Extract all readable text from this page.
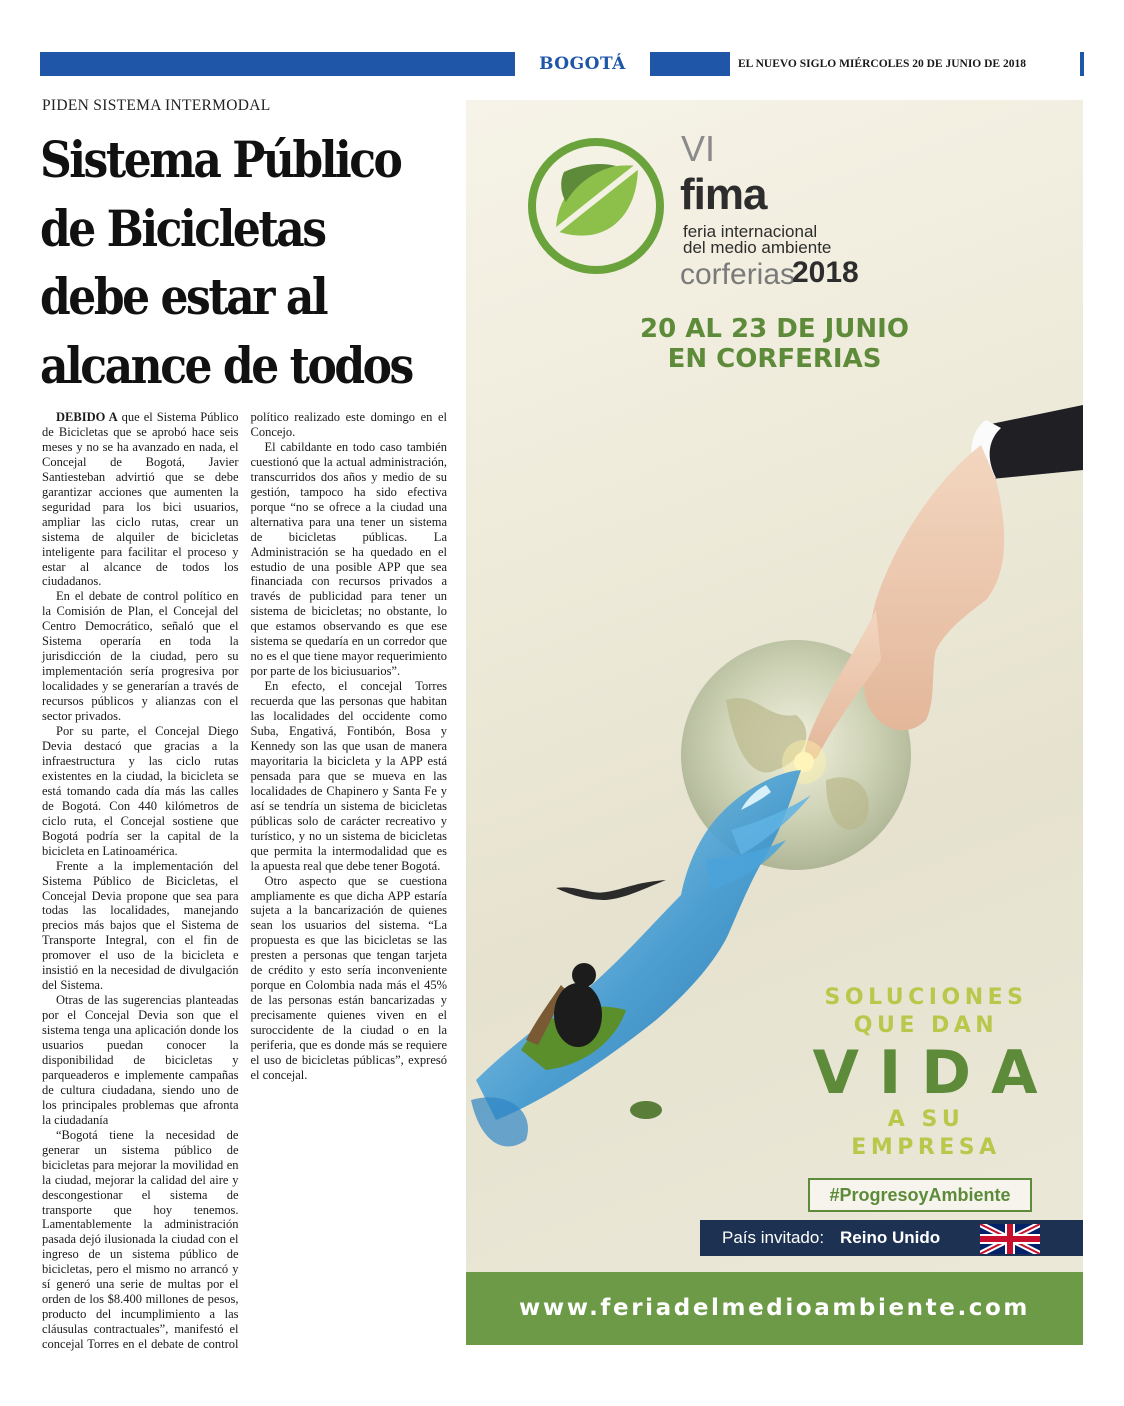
BOGOTÁ	EL NUEVO SIGLO MIÉRCOLES 20 DE JUNIO DE 2018	17A
PIDEN SISTEMA INTERMODAL
Sistema Público
de Bicicletas
debe estar al
alcance de todos

DEBIDO A que el Sistema Público de Bicicletas que se aprobó hace seis meses y no se ha avanzado en nada, el Concejal de Bogotá, Javier Santiesteban advirtió que se debe garantizar acciones que aumenten la seguridad para los bici usuarios, ampliar las ciclo rutas, crear un sistema de alquiler de bicicletas inteligente para facilitar el proceso y estar al alcance de todos los ciudadanos.

En el debate de control político en la Comisión de Plan, el Concejal del Centro Democrático, señaló que el Sistema operaría en toda la jurisdicción de la ciudad, pero su implementación sería progresiva por localidades y se generarían a través de recursos públicos y alianzas con el sector privados.

Por su parte, el Concejal Diego Devia destacó que gracias a la infraestructura y las ciclo rutas existentes en la ciudad, la bicicleta se está tomando cada día más las calles de Bogotá. Con 440 kilómetros de ciclo ruta, el Concejal sostiene que Bogotá podría ser la capital de la bicicleta en Latinoamérica.

Frente a la implementación del Sistema Público de Bicicletas, el Concejal Devia propone que sea para todas las localidades, manejando precios más bajos que el Sistema de Transporte Integral, con el fin de promover el uso de la bicicleta e insistió en la necesidad de divulgación del Sistema.

Otras de las sugerencias planteadas por el Concejal Devia son que el sistema tenga una aplicación donde los usuarios puedan conocer la disponibilidad de bicicletas y parqueaderos e implemente campañas de cultura ciudadana, siendo uno de los principales problemas que afronta la ciudadanía

“Bogotá tiene la necesidad de generar un sistema público de bicicletas para mejorar la movilidad en la ciudad, mejorar la calidad del aire y descongestionar el sistema de transporte que hoy tenemos. Lamentablemente la administración pasada dejó ilusionada la ciudad con el ingreso de un sistema público de bicicletas, pero el mismo no arrancó y sí generó una serie de multas por el orden de los $8.400 millones de pesos, producto del incumplimiento a las cláusulas contractuales”, manifestó el concejal Torres en el debate de control político realizado este domingo en el Concejo.

El cabildante en todo caso también cuestionó que la actual administración, transcurridos dos años y medio de su gestión, tampoco ha sido efectiva porque “no se ofrece a la ciudad una alternativa para una tener un sistema de bicicletas públicas. La Administración se ha quedado en el estudio de una posible APP que sea financiada con recursos privados a través de publicidad para tener un sistema de bicicletas; no obstante, lo que estamos observando es que ese sistema se quedaría en un corredor que no es el que tiene mayor requerimiento por parte de los biciusuarios”.

En efecto, el concejal Torres recuerda que las personas que habitan las localidades del occidente como Suba, Engativá, Fontibón, Bosa y Kennedy son las que usan de manera mayoritaria la bicicleta y la APP está pensada para que se mueva en las localidades de Chapinero y Santa Fe y así se tendría un sistema de bicicletas públicas solo de carácter recreativo y turístico, y no un sistema de bicicletas que permita la intermodalidad que es la apuesta real que debe tener Bogotá.

Otro aspecto que se cuestiona ampliamente es que dicha APP estaría sujeta a la bancarización de quienes sean los usuarios del sistema. “La propuesta es que las bicicletas se las presten a personas que tengan tarjeta de crédito y esto sería inconveniente porque en Colombia nada más el 45% de las personas están bancarizadas y precisamente quienes viven en el suroccidente de la ciudad o en la periferia, que es donde más se requiere el uso de bicicletas públicas”, expresó el concejal.

VI
fima
feria internacional
del medio ambiente
corferias
2018
20 AL 23 DE JUNIO
EN CORFERIAS
SOLUCIONES
QUE DAN
VIDA
A SU
EMPRESA
#ProgresoyAmbiente
País invitado: Reino Unido
www.feriadelmedioambiente.com
